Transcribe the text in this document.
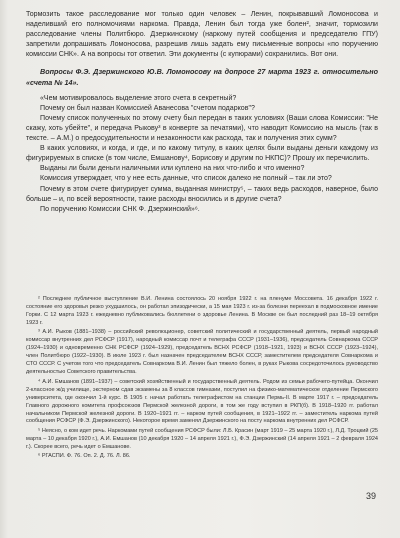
Тормозить такое расследование мог только один человек – Ленин, покрывавший Ломоносова и наделивший его полномочиями наркома. Правда, Ленин был тогда уже болен², значит, тормозили расследование члены Политбюро. Дзержинскому (наркому путей сообщения и председателю ГПУ) запретили допрашивать Ломоносова, разрешив лишь задать ему письменные вопросы «по поручению комиссии СНК». А на вопросы тот ответил. Эти документы (с купюрами) сохранились. Вот они.

Вопросы Ф.Э. Дзержинского Ю.В. Ломоносову на допросе 27 марта 1923 г. относительно «счета № 14».

«Чем мотивировалось выделение этого счета в секретный?

Почему он был назван Комиссией Аванесова "счетом подарков"?

Почему список полученных по этому счету был передан в таких условиях (Ваши слова Комиссии: "Не скажу, хоть убейте", и передача Рыкову³ в конверте за печатями), что наводит Комиссию на мысль (так в тексте. – А.М.) о предосудительности и незаконности как расхода, так и получения этих сумм?

В каких условиях, и когда, и где, и по какому титулу, в каких целях были выданы деньги каждому из фигурируемых в списке (в том числе, Емшанову⁴, Борисову и другим по НКПС)? Прошу их перечислить.

Выданы ли были деньги наличными или куплено на них что-либо и что именно?

Комиссия утверждает, что у нее есть данные, что список далеко не полный – так ли это?

Почему в этом счете фигурирует сумма, выданная министру⁵, – таких ведь расходов, наверное, было больше – и, по всей вероятности, такие расходы вносились и в другие счета?

По поручению Комиссии СНК Ф. Дзержинский»⁶.

² Последнее публичное выступление В.И. Ленина состоялось 20 ноября 1922 г. на пленуме Моссовета. 16 декабря 1922 г. состояние его здоровья резко ухудшилось, он работал эпизодически, а 15 мая 1923 г. из-за болезни переехал в подмосковное имение Горки. С 12 марта 1923 г. ежедневно публиковались бюллетени о здоровье Ленина. В Москве он был последний раз 18–19 октября 1923 г.

³ А.И. Рыков (1881–1938) – российский революционер, советский политический и государственный деятель, первый народный комиссар внутренних дел РСФСР (1917), народный комиссар почт и телеграфа СССР (1931–1936), председатель Совнаркома СССР (1924–1930) и одновременно СНК РСФСР (1924–1929), председатель ВСНХ РСФСР (1918–1921, 1923) и ВСНХ СССР (1923–1924), член Политбюро (1922–1930). В июле 1923 г. был назначен председателем ВСНХ СССР, заместителем председателя Совнаркома и СТО СССР. С учетом того что председатель Совнаркома В.И. Ленин был тяжело болен, в руках Рыкова сосредоточилось руководство деятельностью Советского правительства.

⁴ А.И. Емшанов (1891–1937) – советский хозяйственный и государственный деятель. Родом из семьи рабочего-путейца. Окончил 2-классное ж/д училище, экстерном сдав экзамены за 8 классов гимназии, поступил на физико-математическое отделение Пермского университета, где окончил 1-й курс. В 1905 г. начал работать телеграфистом на станции Пермь-II. В марте 1917 г. – председатель Главного дорожного комитета профсоюзов Пермской железной дороги, в том же году вступил в РКП(б). В 1918–1920 гг. работал начальником Пермской железной дороги. В 1920–1921 гг. – нарком путей сообщения, в 1921–1922 гг. – заместитель наркома путей сообщения РСФСР (Ф.Э. Дзержинского). Некоторое время заменял Дзержинского на посту наркома внутренних дел РСФСР.

⁵ Неясно, о ком идет речь. Наркомами путей сообщения РСФСР были: Л.Б. Красин (март 1919 – 25 марта 1920 г.), Л.Д. Троцкий (25 марта – 10 декабря 1920 г.), А.И. Емшанов (10 декабря 1920 – 14 апреля 1921 г.), Ф.Э. Дзержинский (14 апреля 1921 – 2 февраля 1924 г.). Скорее всего, речь идет о Емшанове.

⁶ РГАСПИ. Ф. 76. Оп. 2. Д. 76. Л. 86.

39
